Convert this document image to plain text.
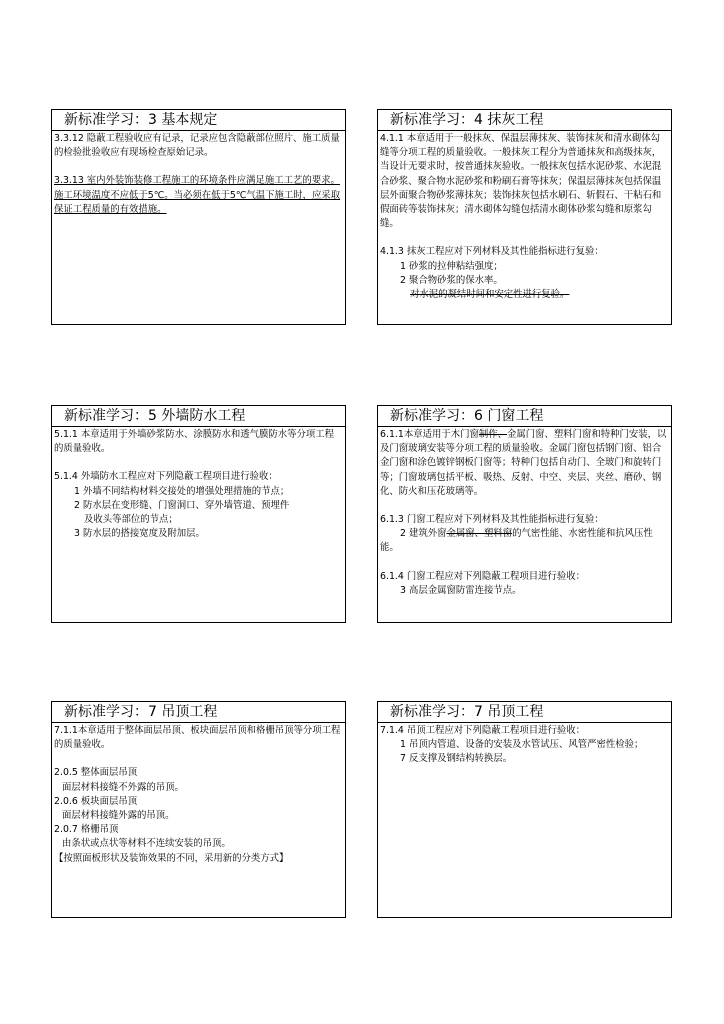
新标准学习：3 基本规定

3.3.12 隐蔽工程验收应有记录，记录应包含隐蔽部位照片、施工质量的检验批验收应有现场检查原始记录。

3.3.13 室内外装饰装修工程施工的环境条件应满足施工工艺的要求。施工环境温度不应低于5℃。当必须在低于5℃气温下施工时，应采取保证工程质量的有效措施。

新标准学习：4 抹灰工程

4.1.1 本章适用于一般抹灰、保温层薄抹灰、装饰抹灰和清水砌体勾缝等分项工程的质量验收。一般抹灰工程分为普通抹灰和高级抹灰，当设计无要求时，按普通抹灰验收。一般抹灰包括水泥砂浆、水泥混合砂浆、聚合物水泥砂浆和粉刷石膏等抹灰；保温层薄抹灰包括保温层外面聚合物砂浆薄抹灰；装饰抹灰包括水刷石、斩假石、干粘石和假面砖等装饰抹灰；清水砌体勾缝包括清水砌体砂浆勾缝和原浆勾缝。

4.1.3 抹灰工程应对下列材料及其性能指标进行复验：

1 砂浆的拉伸粘结强度；

2 聚合物砂浆的保水率。

对水泥的凝结时间和安定性进行复验。

新标准学习：5 外墙防水工程

5.1.1 本章适用于外墙砂浆防水、涂膜防水和透气膜防水等分项工程的质量验收。

5.1.4 外墙防水工程应对下列隐蔽工程项目进行验收：

1 外墙不同结构材料交接处的增强处理措施的节点；

2 防水层在变形缝、门窗洞口、穿外墙管道、预埋件

及收头等部位的节点；

3 防水层的搭接宽度及附加层。

新标准学习：6 门窗工程

6.1.1本章适用于木门窗制作、金属门窗、塑料门窗和特种门安装，以及门窗玻璃安装等分项工程的质量验收。金属门窗包括钢门窗、铝合金门窗和涂色镀锌钢板门窗等；特种门包括自动门、全玻门和旋转门等；门窗玻璃包括平板、吸热、反射、中空、夹层、夹丝、磨砂、钢化、防火和压花玻璃等。

6.1.3 门窗工程应对下列材料及其性能指标进行复验：

2 建筑外窗金属窗、塑料窗的气密性能、水密性能和抗风压性能。

6.1.4 门窗工程应对下列隐蔽工程项目进行验收：

3 高层金属窗防雷连接节点。

新标准学习：7 吊顶工程

7.1.1本章适用于整体面层吊顶、板块面层吊顶和格栅吊顶等分项工程的质量验收。

2.0.5 整体面层吊顶

面层材料接缝不外露的吊顶。

2.0.6 板块面层吊顶

面层材料接缝外露的吊顶。

2.0.7 格栅吊顶

由条状或点状等材料不连续安装的吊顶。

【按照面板形状及装饰效果的不同，采用新的分类方式】

新标准学习：7 吊顶工程

7.1.4 吊顶工程应对下列隐蔽工程项目进行验收：

1 吊顶内管道、设备的安装及水管试压、风管严密性检验；

7 反支撑及钢结构转换层。
